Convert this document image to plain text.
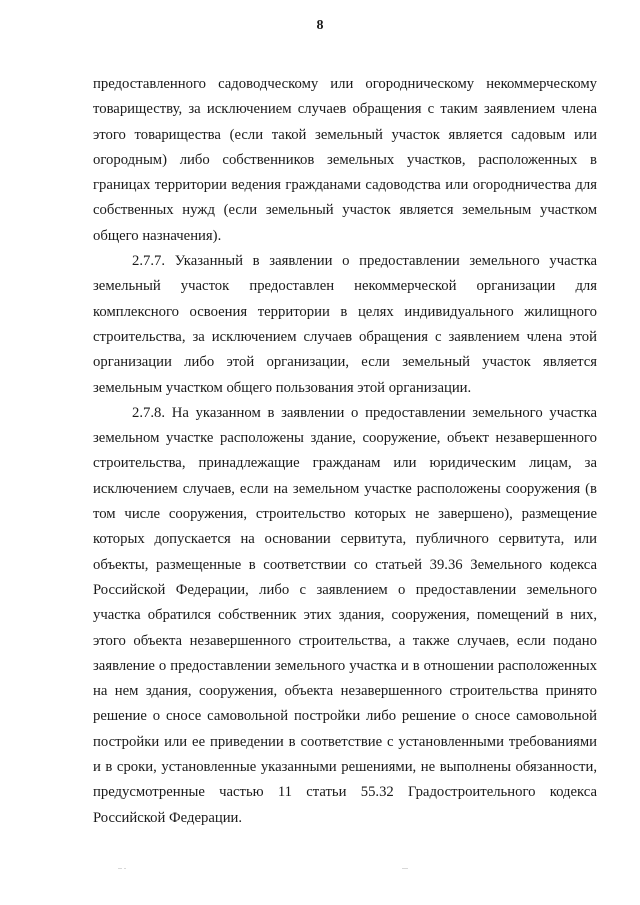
8

предоставленного садоводческому или огородническому некоммерческому товариществу, за исключением случаев обращения с таким заявлением члена этого товарищества (если такой земельный участок является садовым или огородным) либо собственников земельных участков, расположенных в границах территории ведения гражданами садоводства или огородничества для собственных нужд (если земельный участок является земельным участком общего назначения).

2.7.7. Указанный в заявлении о предоставлении земельного участка земельный участок предоставлен некоммерческой организации для комплексного освоения территории в целях индивидуального жилищного строительства, за исключением случаев обращения с заявлением члена этой организации либо этой организации, если земельный участок является земельным участком общего пользования этой организации.

2.7.8. На указанном в заявлении о предоставлении земельного участка земельном участке расположены здание, сооружение, объект незавершенного строительства, принадлежащие гражданам или юридическим лицам, за исключением случаев, если на земельном участке расположены сооружения (в том числе сооружения, строительство которых не завершено), размещение которых допускается на основании сервитута, публичного сервитута, или объекты, размещенные в соответствии со статьей 39.36 Земельного кодекса Российской Федерации, либо с заявлением о предоставлении земельного участка обратился собственник этих здания, сооружения, помещений в них, этого объекта незавершенного строительства, а также случаев, если подано заявление о предоставлении земельного участка и в отношении расположенных на нем здания, сооружения, объекта незавершенного строительства принято решение о сносе самовольной постройки либо решение о сносе самовольной постройки или ее приведении в соответствие с установленными требованиями и в сроки, установленные указанными решениями, не выполнены обязанности, предусмотренные частью 11 статьи 55.32 Градостроительного кодекса Российской Федерации.

.. .	...
